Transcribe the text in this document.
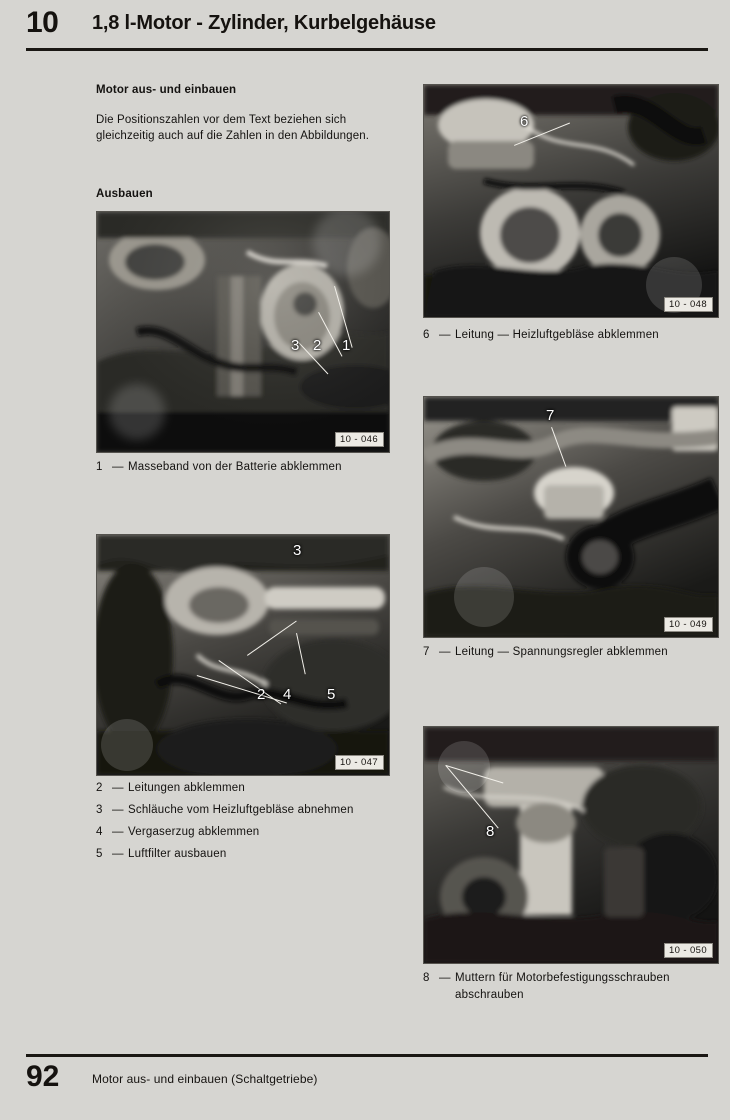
10 1,8 l-Motor - Zylinder, Kurbelgehäuse
Motor aus- und einbauen
Die Positionszahlen vor dem Text beziehen sich
gleichzeitig auch auf die Zahlen in den Abbildungen.
Ausbauen
3 2 1
10 - 046
1 — Masseband von der Batterie abklemmen
3
2 4 5
10 - 047
2 — Leitungen abklemmen
3 — Schläuche vom Heizluftgebläse abnehmen
4 — Vergaserzug abklemmen
5 — Luftfilter ausbauen
6
10 - 048
6 — Leitung — Heizluftgebläse abklemmen
7
10 - 049
7 — Leitung — Spannungsregler abklemmen
8
10 - 050
8 — Muttern für Motorbefestigungsschrauben
abschrauben
92	Motor aus- und einbauen (Schaltgetriebe)
